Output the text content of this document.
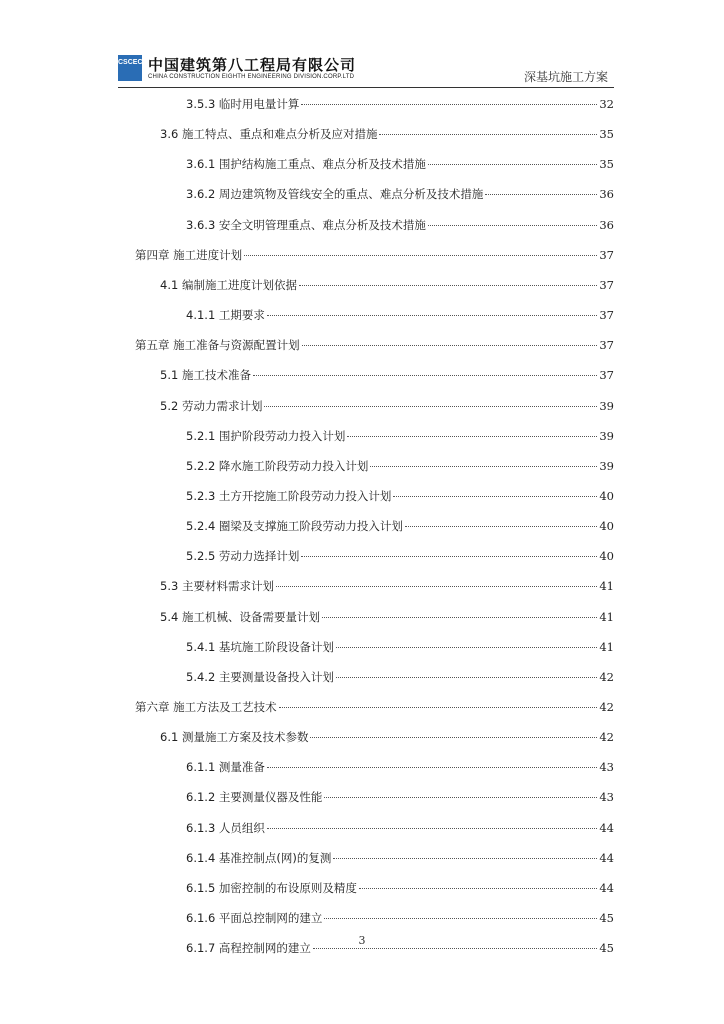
CSCEC 中国建筑第八工程局有限公司
CHINA CONSTRUCTION EIGHTH ENGINEERING DIVISION.CORP.LTD	深基坑施工方案
3.5.3 临时用电量计算	32
3.6 施工特点、重点和难点分析及应对措施	35
3.6.1 围护结构施工重点、难点分析及技术措施	35
3.6.2 周边建筑物及管线安全的重点、难点分析及技术措施	36
3.6.3 安全文明管理重点、难点分析及技术措施	36
第四章 施工进度计划	37
4.1 编制施工进度计划依据	37
4.1.1 工期要求	37
第五章 施工准备与资源配置计划	37
5.1 施工技术准备	37
5.2 劳动力需求计划	39
5.2.1 围护阶段劳动力投入计划	39
5.2.2 降水施工阶段劳动力投入计划	39
5.2.3 土方开挖施工阶段劳动力投入计划	40
5.2.4 圈梁及支撑施工阶段劳动力投入计划	40
5.2.5 劳动力选择计划	40
5.3 主要材料需求计划	41
5.4 施工机械、设备需要量计划	41
5.4.1 基坑施工阶段设备计划	41
5.4.2 主要测量设备投入计划	42
第六章 施工方法及工艺技术	42
6.1 测量施工方案及技术参数	42
6.1.1 测量准备	43
6.1.2 主要测量仪器及性能	43
6.1.3 人员组织	44
6.1.4 基准控制点(网)的复测	44
6.1.5 加密控制的布设原则及精度	44
6.1.6 平面总控制网的建立	45
6.1.7 高程控制网的建立	45
3
